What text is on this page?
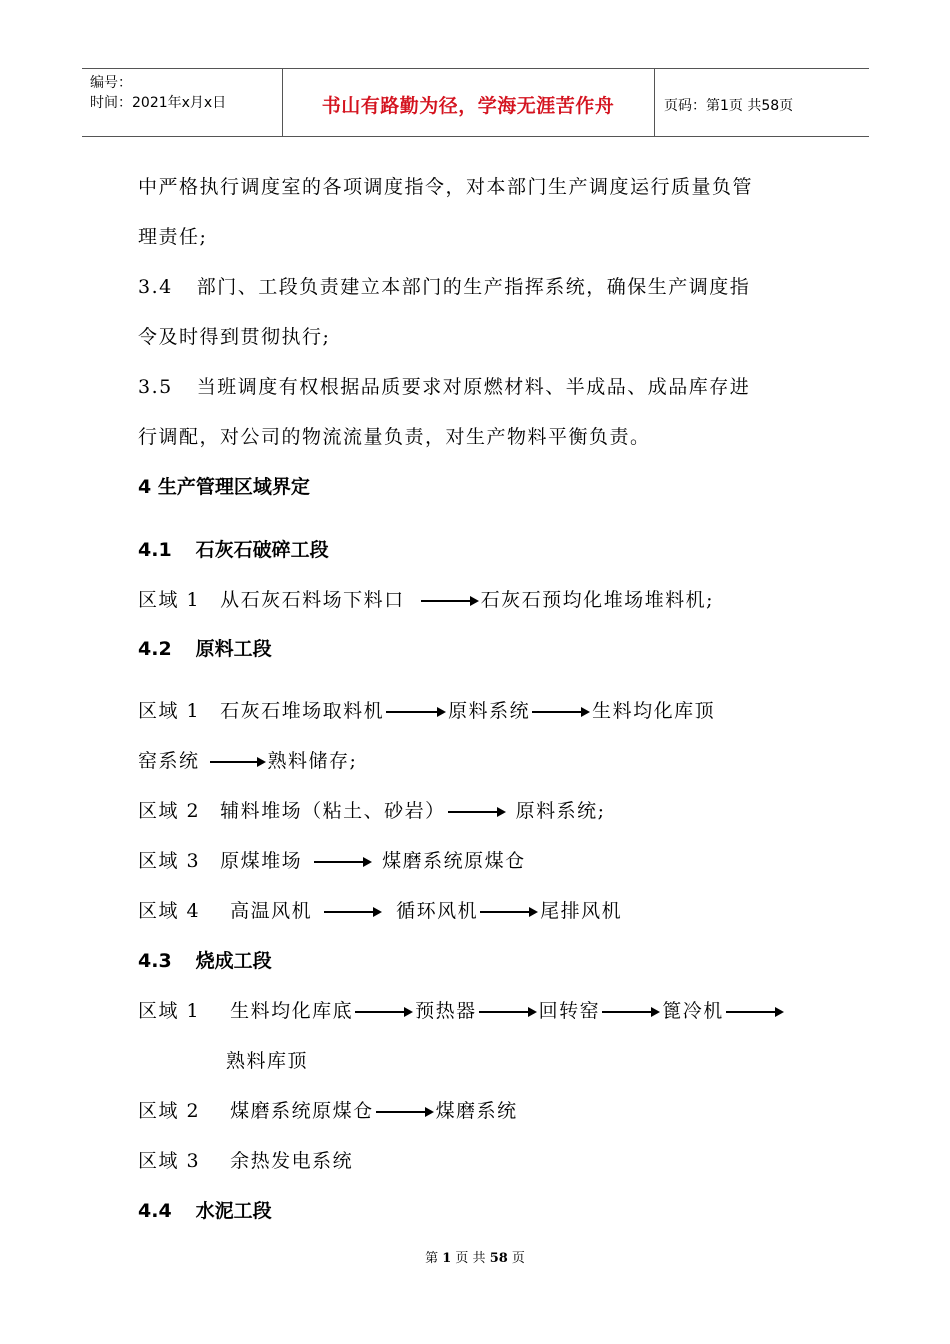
编号：
时间：2021年x月x日	书山有路勤为径，学海无涯苦作舟	页码：第1页 共58页
中严格执行调度室的各项调度指令，对本部门生产调度运行质量负管
理责任;
3.4 部门、工段负责建立本部门的生产指挥系统，确保生产调度指
令及时得到贯彻执行;
3.5 当班调度有权根据品质要求对原燃材料、半成品、成品库存进
行调配，对公司的物流流量负责，对生产物料平衡负责。
4 生产管理区域界定
4.1 石灰石破碎工段
区域 1 从石灰石料场下料口	石灰石预均化堆场堆料机;
4.2 原料工段
区域 1 石灰石堆场取料机	原料系统	生料均化库顶
窑系统	熟料储存;
区域 2 辅料堆场（粘土、砂岩）	原料系统;
区域 3 原煤堆场	煤磨系统原煤仓
区域 4 高温风机	循环风机	尾排风机
4.3 烧成工段
区域 1 生料均化库底	预热器	回转窑	篦冷机
熟料库顶
区域 2 煤磨系统原煤仓	煤磨系统
区域 3 余热发电系统
4.4 水泥工段
第 1 页 共 58 页
